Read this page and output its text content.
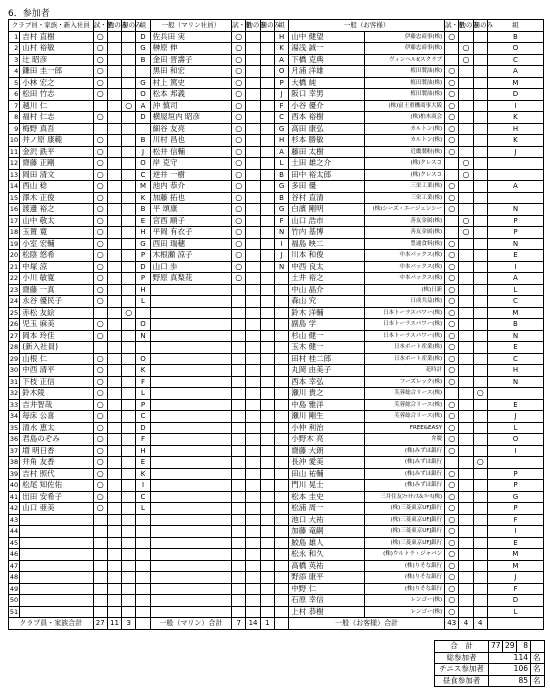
6．参加者
クラブ員・家族・新入社員		試・懇	釣のみ	懇のみ	組	一般（マリン社員）	試・懇	釣のみ	懇のみ	組	一般（お客様）		試・懇	釣のみ	懇のみ	組
1	吉村 直樹	○			D	佐兵田 実	○			H	山中 健望	伊藤忠商事(株)	○			B
2	山村 裕敏	○			G	榊原 伸	○			K	湯浅 誠一	伊藤忠商事(株)		○		O
3	辻 昭彦	○			B	金田 晋壽子	○			A	下橋 克典	ヴィンヘルⅠ(スクラブ		○		C
4	鎌田 圭一郎	○				黒田 和宏	○			O	月浦 洋雄	植田製油(株)	○			A
5	小林 宏之	○			G	村上 篤史	○			P	大橋 純	植田製油(株)	○			M
6	松田 竹志	○			O	松本 邦義	○			J	阪口 幸男	植田製油(株)	○			D
7	越川 仁			○	A	沖 慎司	○			F	小谷 優介	(株)富士重機商事大阪	○			I
8	福村 仁志	○			D	横屋垣内 昭彦	○			C	西本 裕樹	(株)柏木商会	○			K
9	梅野 真吾					細谷 友亮	○			G	高田 康弘	カルトン(株)	○			H
10	井ノ原 康範	○			B	川村 昌也	○			H	杉本 勝敏	カルトン(株)	○			K
11	金沢 鉄平	○			J	松井 信輔	○			A	藤田 太樹	近畿製粉(株)	○			J
12	齋藤 正剛	○			O	岸 克守	○			L	土田 雄之介	(株)クレスコ		○		
13	岡田 清文	○			C	逆井 一樹	○			B	田中 裕太郎	(株)クレスコ		○		
14	西山 稔	○			M	池内 恭介	○			G	多田 優	三栄工業(株)	○			A
15	澤木 正俊	○			K	加藤 拓也	○			B	谷村 直清	三栄工業(株)	○			
16	渡邊 裕之	○			B	平 頌康	○			G	白濱 剛明	(株)シーズ・エージェンシー	○			N
17	山中 敬太	○			E	宮西 順子	○			F	山口 浩市	善友金属(株)		○		P
18	玉置 寛	○			H	平岡 有衣子	○			N	竹内 基博	善友金属(株)		○		P
19	小室 宏輔	○			G	西田 瑞穂	○			I	福島 映二	豊通食料(株)	○			N
20	松陰 悠希	○			P	木根瀬 涼子	○			J	川本 和俊	中本パックス(株)	○			E
21	中塚 涼	○			D	山口 歩	○			N	中西 良太	中本パックス(株)	○			I
22	小川 敏寛	○			P	野原 真梨花	○				土井 裕之	中本パックス(株)	○			A
23	齋藤 一真	○			H						中山 晶介	(株)日新	○			L
24	永谷 優民子	○			L						森山 究	日成共益(株)	○			C
25	赤松 友絵			○							鈴木 洋輔	日本トーラスパワー(株)	○			M
26	児玉 麻美	○			O						副島 学	日本トーラスパワー(株)	○			B
27	岡本 玲佳	○			N						杉山 健一	日本トーラスパワー(株)	○			N
28	(新入社員)										玉木 健一	日本ボート産業(株)	○			E
29	山根 仁	○			O						田村 桂二郎	日本ボート産業(株)	○			C
30	中西 清平	○			K						丸岡 由美子	花時計	○			H
31	下枝 正信	○			F						西本 幸弘	フーズレック(株)	○			N
32	鈴木陵	○			L						瀬川 貴之	芙蓉総合リース(株)			○	
33	吉井智哉	○			P						中島 雅洋	芙蓉総合リース(株)	○			E
34	毎床 公喜	○			C						瀬川 剛生	芙蓉総合リース(株)	○			J
35	清水 恵太	○			D						小仲 利治	FREE&EASY	○			L
36	君島のぞみ	○			F						小野木 亮	弁慶	○			O
37	増 明日香	○			H						齋藤 大朗	(株)みずほ銀行	○			I
38	井角 友香	○			E						長沖 愛美	(株)みずほ銀行			○	
39	吉村 照代	○			K						田山 祐輔	(株)みずほ銀行	○			P
40	松尾 知佐佑	○			I						門川 晃士	(株)みずほ銀行	○			P
41	出田 安希子	○			C						松本 圭史	三井住友ﾌｧｲﾅﾝｽ＆ﾘｰｽ(株)	○			G
42	山口 亜美	○			L						松浦 周一	(株)三菱東京UFJ銀行	○			P
43											池口 大祐	(株)三菱東京UFJ銀行	○			F
44											加藤 竜嗣	(株)三菱東京UFJ銀行	○			I
45											鮫島 雄人	(株)三菱東京UFJ銀行	○			E
46											松永 和久	(株)ウルトラ・ジャパン	○			M
47											高橋 英祐	(株)りそな銀行	○			M
48											野添 康平	(株)りそな銀行	○			J
49											中野 仁	(株)りそな銀行	○			F
50											石原 幸信	レンゴー(株)	○			D
51											上村 恭樹	レンゴー(株)	○			L
クラブ員・家族合計		27	11	3		一般（マリン）合計	7	14	1		一般（お客様）合計		43	4	4	
合　計	77	29	8	
総参加者	114			名
チニス参加者	106			名
昼食参加者	85			名
